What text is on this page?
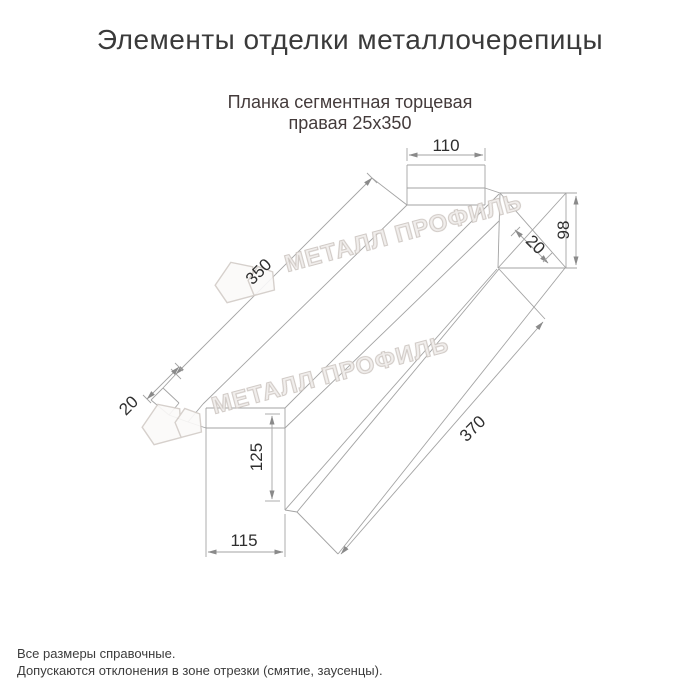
Элементы отделки металлочерепицы
Планка сегментная торцевая
правая 25x350
МЕТАЛЛ ПРОФИЛЬ
МЕТАЛЛ ПРОФИЛЬ
110
98
20
350
20
125
115
370
Все размеры справочные.
Допускаются отклонения в зоне отрезки (смятие, заусенцы).
